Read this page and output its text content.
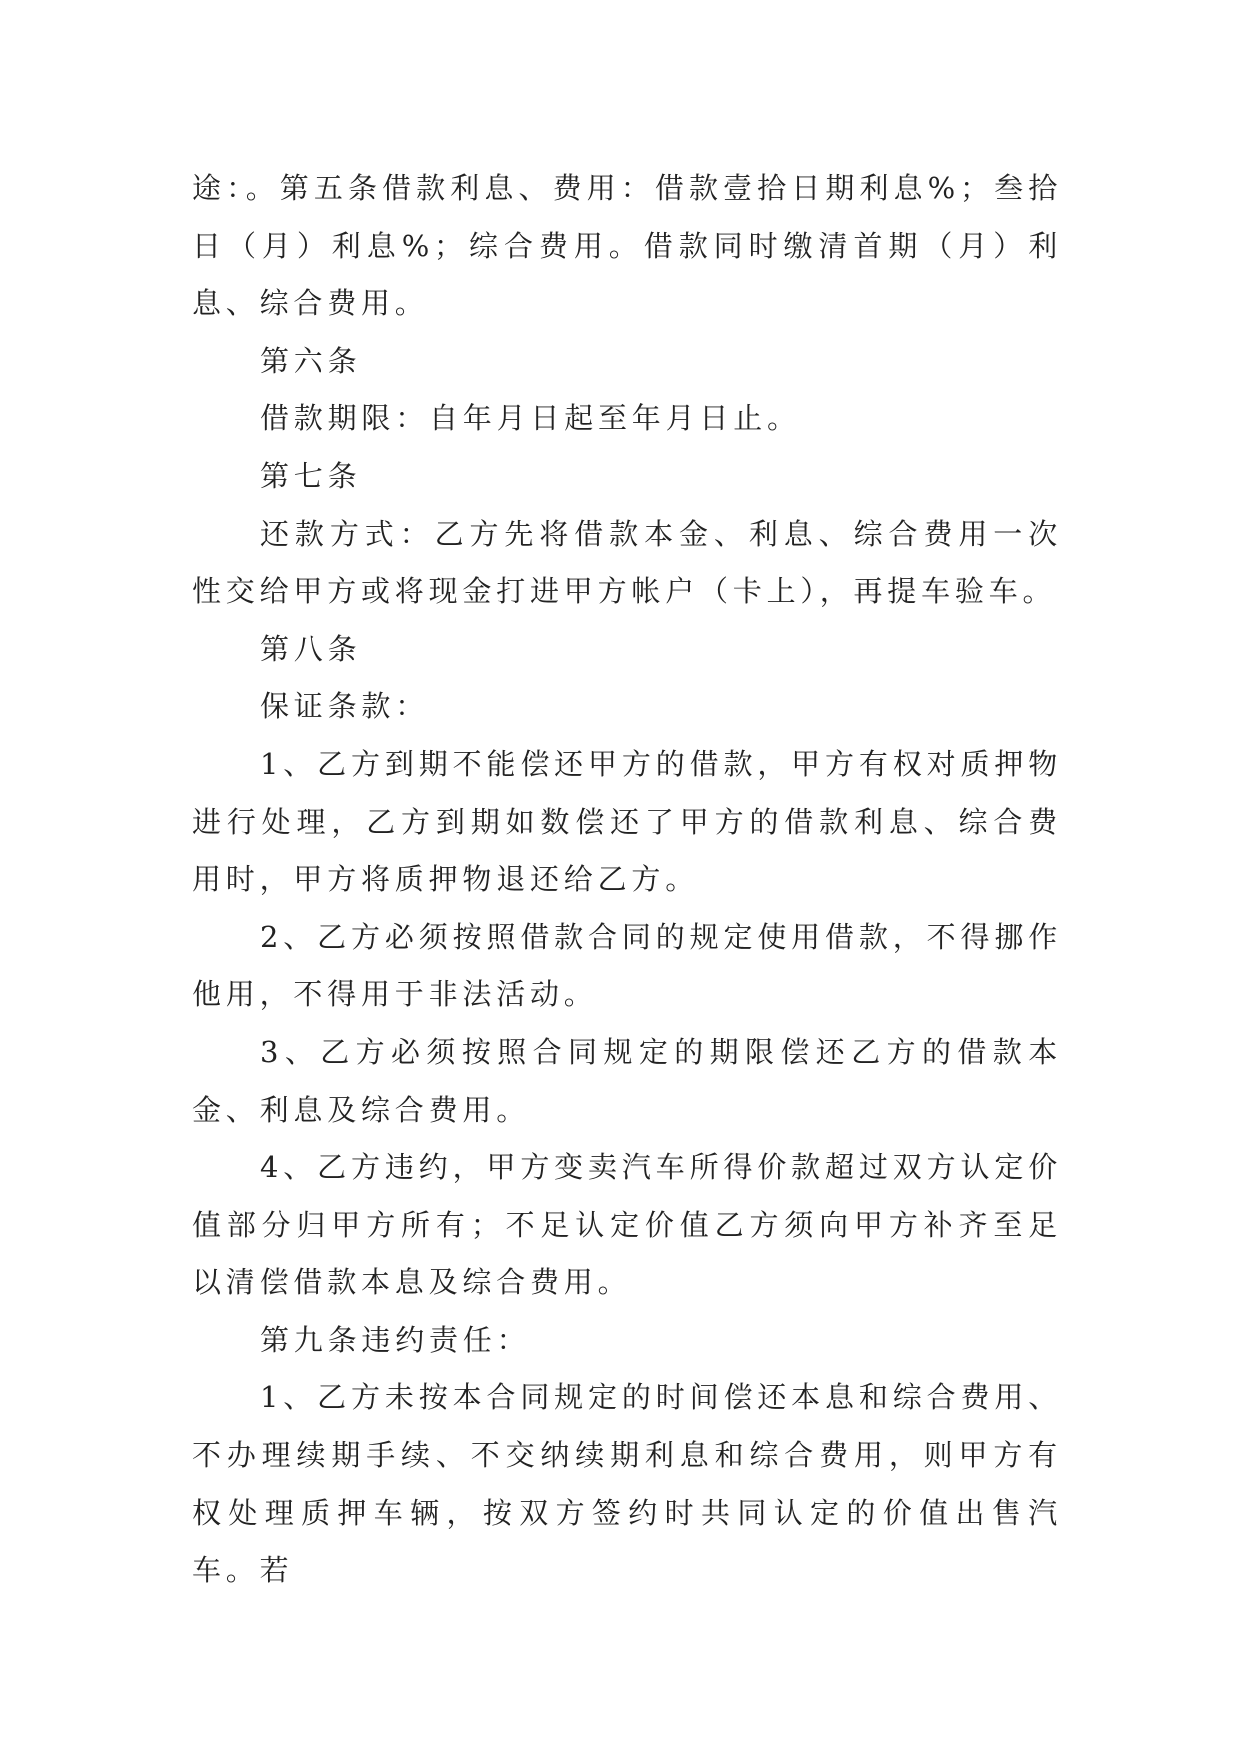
途：。第五条借款利息、费用：借款壹拾日期利息%；叁拾日（月）利息%；综合费用。借款同时缴清首期（月）利息、综合费用。

第六条

借款期限：自年月日起至年月日止。

第七条

还款方式：乙方先将借款本金、利息、综合费用一次性交给甲方或将现金打进甲方帐户（卡上），再提车验车。

第八条

保证条款：

1、乙方到期不能偿还甲方的借款，甲方有权对质押物进行处理，乙方到期如数偿还了甲方的借款利息、综合费用时，甲方将质押物退还给乙方。

2、乙方必须按照借款合同的规定使用借款，不得挪作他用，不得用于非法活动。

3、乙方必须按照合同规定的期限偿还乙方的借款本金、利息及综合费用。

4、乙方违约，甲方变卖汽车所得价款超过双方认定价值部分归甲方所有；不足认定价值乙方须向甲方补齐至足以清偿借款本息及综合费用。

第九条违约责任：

1、乙方未按本合同规定的时间偿还本息和综合费用、不办理续期手续、不交纳续期利息和综合费用，则甲方有权处理质押车辆，按双方签约时共同认定的价值出售汽车。若
